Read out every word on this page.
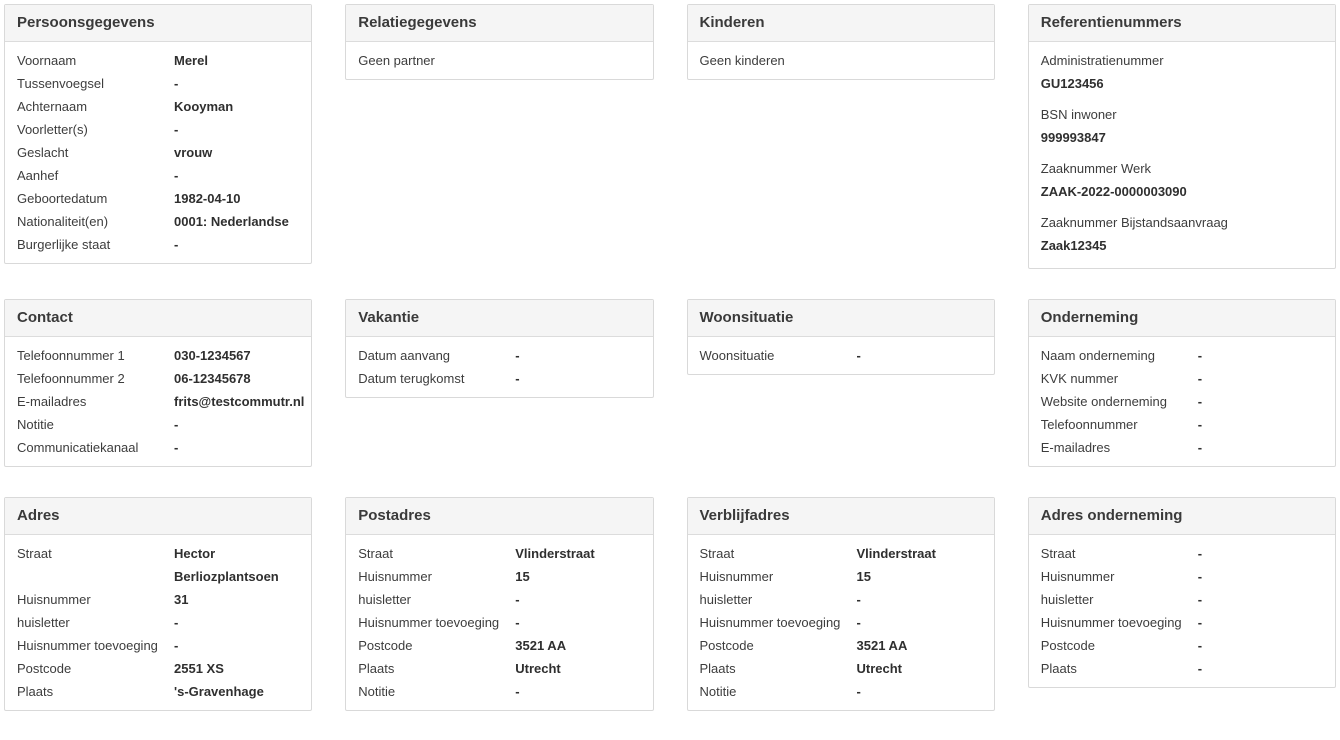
Persoonsgegevens
Voornaam	Merel
Tussenvoegsel	-
Achternaam	Kooyman
Voorletter(s)	-
Geslacht	vrouw
Aanhef	-
Geboortedatum	1982-04-10
Nationaliteit(en)	0001: Nederlandse
Burgerlijke staat	-
Relatiegegevens
Geen partner
Kinderen
Geen kinderen
Referentienummers
Administratienummer
GU123456
BSN inwoner
999993847
Zaaknummer Werk
ZAAK-2022-0000003090
Zaaknummer Bijstandsaanvraag
Zaak12345
Contact
Telefoonnummer 1	030-1234567
Telefoonnummer 2	06-12345678
E-mailadres	frits@testcommutr.nl
Notitie	-
Communicatiekanaal	-
Vakantie
Datum aanvang	-
Datum terugkomst	-
Woonsituatie
Woonsituatie	-
Onderneming
Naam onderneming	-
KVK nummer	-
Website onderneming	-
Telefoonnummer	-
E-mailadres	-
Adres
Straat	Hector Berliozplantsoen
Huisnummer	31
huisletter	-
Huisnummer toevoeging	-
Postcode	2551 XS
Plaats	's-Gravenhage
Postadres
Straat	Vlinderstraat
Huisnummer	15
huisletter	-
Huisnummer toevoeging	-
Postcode	3521 AA
Plaats	Utrecht
Notitie	-
Verblijfadres
Straat	Vlinderstraat
Huisnummer	15
huisletter	-
Huisnummer toevoeging	-
Postcode	3521 AA
Plaats	Utrecht
Notitie	-
Adres onderneming
Straat	-
Huisnummer	-
huisletter	-
Huisnummer toevoeging	-
Postcode	-
Plaats	-
